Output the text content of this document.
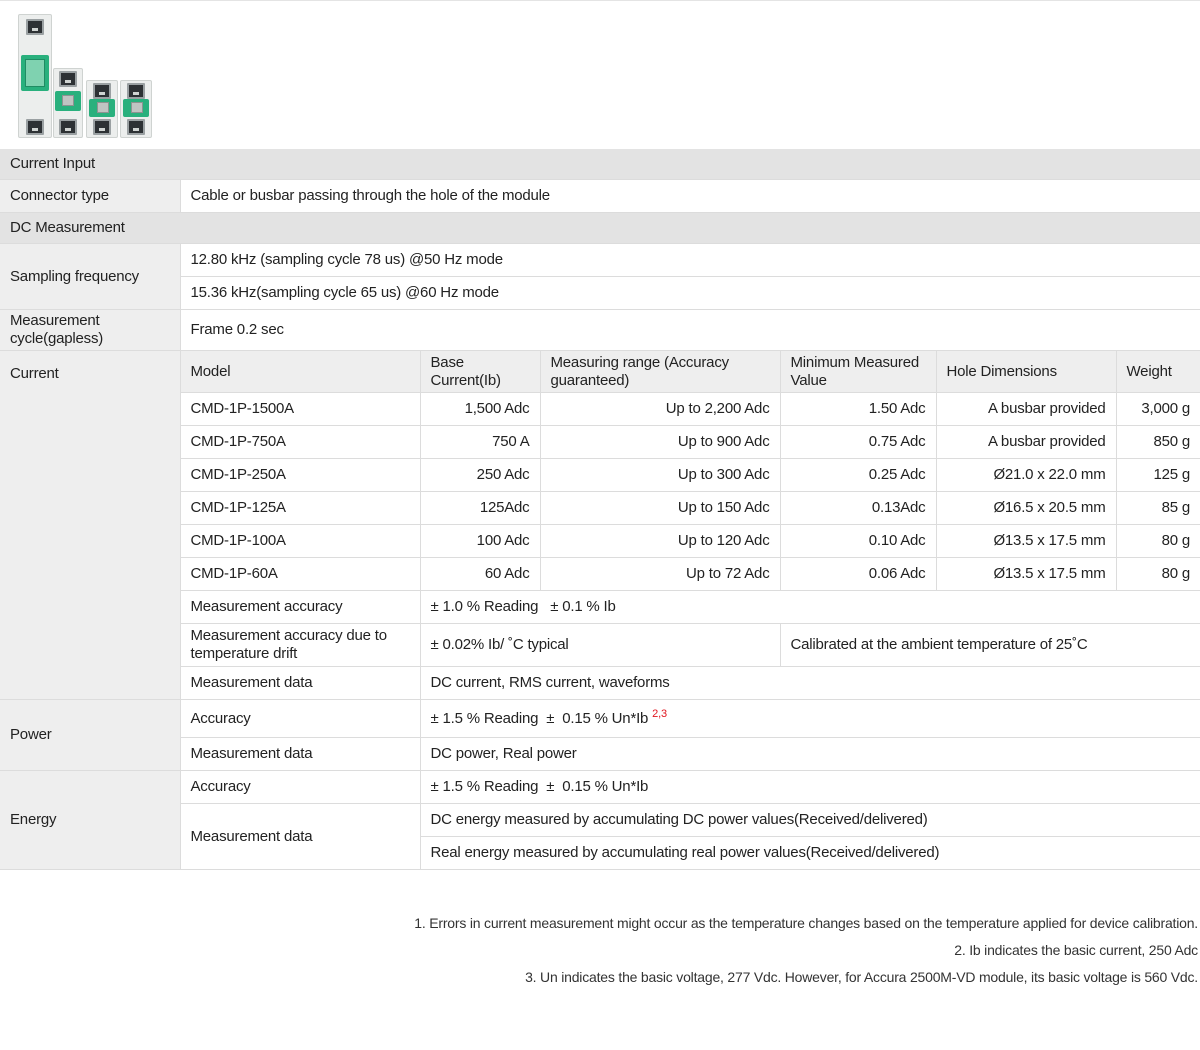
Current Input						
Connector type	Cable or busbar passing through the hole of the module					
DC Measurement						
Sampling frequency	12.80 kHz (sampling cycle 78 us) @50 Hz mode					
	15.36 kHz(sampling cycle 65 us) @60 Hz mode					
Measurement cycle(gapless)	Frame 0.2 sec					
Current	Model	Base Current(Ib)	Measuring range (Accuracy guaranteed)	Minimum Measured Value	Hole Dimensions	Weight
	CMD-1P-1500A	1,500 Adc	Up to 2,200 Adc	1.50 Adc	A busbar provided	3,000 g
	CMD-1P-750A	750 A	Up to 900 Adc	0.75 Adc	A busbar provided	850 g
	CMD-1P-250A	250 Adc	Up to 300 Adc	0.25 Adc	Ø21.0 x 22.0 mm	125 g
	CMD-1P-125A	125Adc	Up to 150 Adc	0.13Adc	Ø16.5 x 20.5 mm	85 g
	CMD-1P-100A	100 Adc	Up to 120 Adc	0.10 Adc	Ø13.5 x 17.5 mm	80 g
	CMD-1P-60A	60 Adc	Up to 72 Adc	0.06 Adc	Ø13.5 x 17.5 mm	80 g
	Measurement accuracy	± 1.0 % Reading   ± 0.1 % Ib				
	Measurement accuracy due to temperature drift	± 0.02% Ib/ ˚C typical		Calibrated at the ambient temperature of 25˚C		
	Measurement data	DC current, RMS current, waveforms				
Power	Accuracy	± 1.5 % Reading  ±  0.15 % Un*Ib $^{2,3}$
	Measurement data	DC power, Real power				
Energy	Accuracy	± 1.5 % Reading  ±  0.15 % Un*Ib				
	Measurement data	DC energy measured by accumulating DC power values(Received/delivered)				
		Real energy measured by accumulating real power values(Received/delivered)				
1. Errors in current measurement might occur as the temperature changes based on the temperature applied for device calibration.
2. Ib indicates the basic current, 250 Adc
3. Un indicates the basic voltage, 277 Vdc. However, for Accura 2500M-VD module, its basic voltage is 560 Vdc.
